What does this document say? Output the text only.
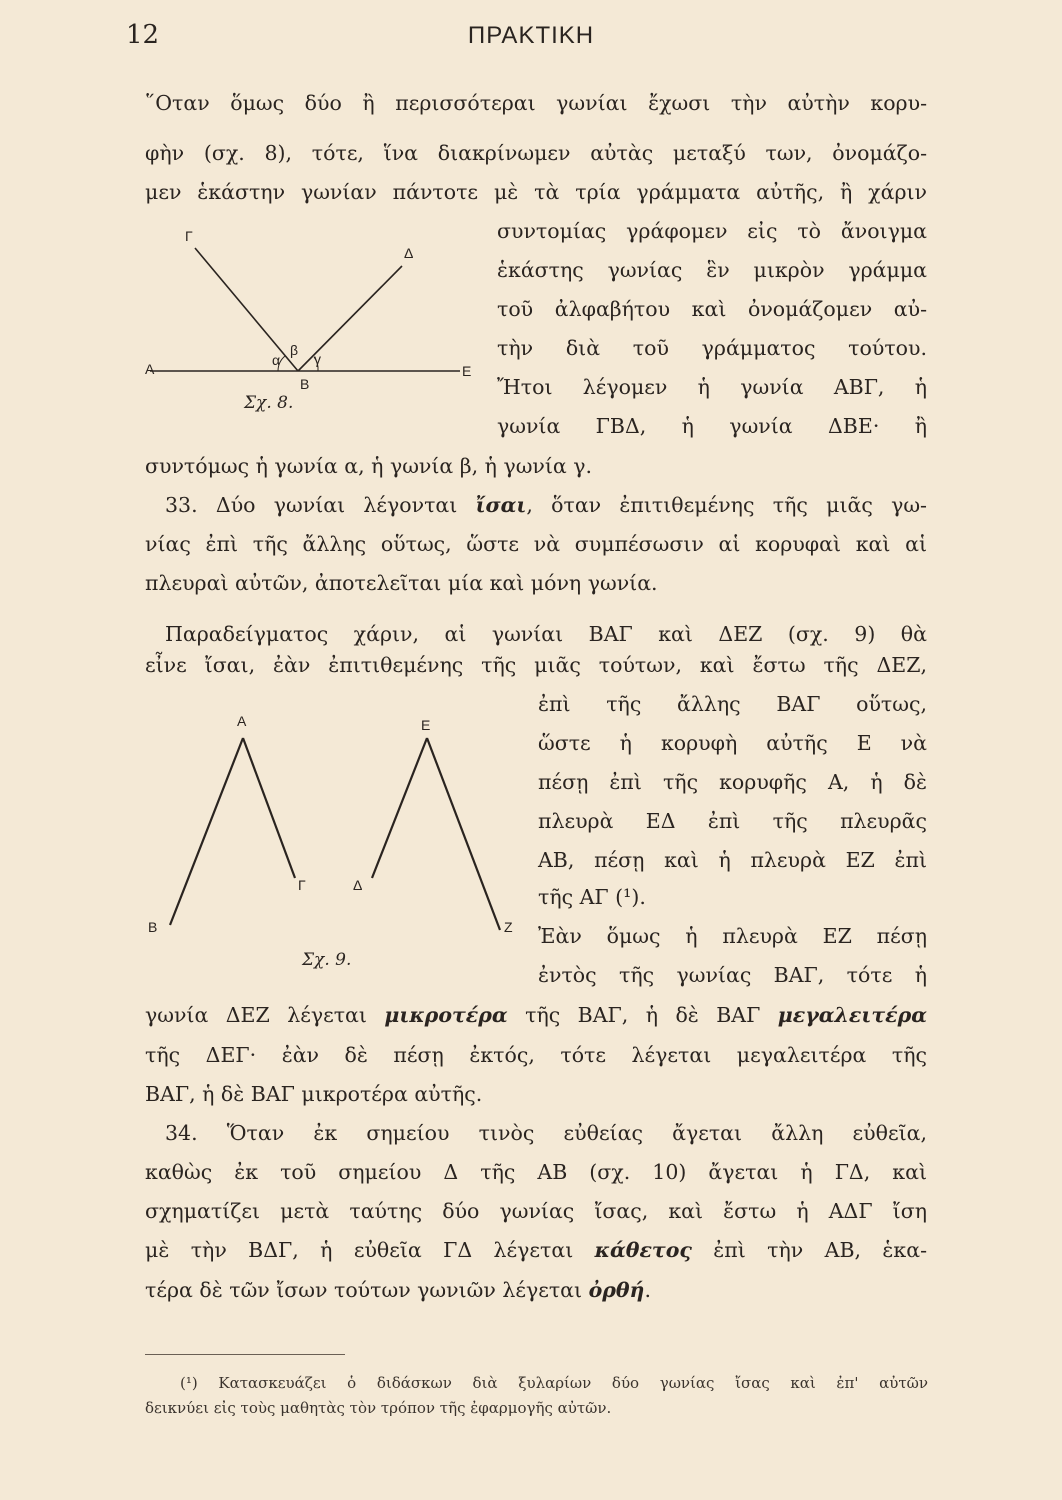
12	ΠΡΑΚΤΙΚΗ
῞Οταν ὅμως δύο ἢ περισσότεραι γωνίαι ἔχωσι τὴν αὐτὴν κορυ-
φὴν (σχ. 8), τότε, ἵνα διακρίνωμεν αὐτὰς μεταξύ των, ὀνομάζο-
μεν ἑκάστην γωνίαν πάντοτε μὲ τὰ τρία γράμματα αὐτῆς, ἢ χάριν
συντομίας γράφομεν εἰς τὸ ἄνοιγμα
ἑκάστης γωνίας ἓν μικρὸν γράμμα
τοῦ ἀλφαβήτου καὶ ὀνομάζομεν αὐ-
τὴν διὰ τοῦ γράμματος τούτου.
Ἤτοι λέγομεν ἡ γωνία ΑΒΓ, ἡ
γωνία ΓΒΔ, ἡ γωνία ΔΒΕ· ἢ
συντόμως ἡ γωνία α, ἡ γωνία β, ἡ γωνία γ.
Γ
Δ
Α	Ε
Β
α
β
γ
Σχ. 8.
33. Δύο γωνίαι λέγονται ἴσαι, ὅταν ἐπιτιθεμένης τῆς μιᾶς γω-
νίας ἐπὶ τῆς ἄλλης οὕτως, ὥστε νὰ συμπέσωσιν αἱ κορυφαὶ καὶ αἱ
πλευραὶ αὐτῶν, ἀποτελεῖται μία καὶ μόνη γωνία.
Παραδείγματος χάριν, αἱ γωνίαι ΒΑΓ καὶ ΔΕΖ (σχ. 9) θὰ
εἶνε ἴσαι, ἐὰν ἐπιτιθεμένης τῆς μιᾶς τούτων, καὶ ἔστω τῆς ΔΕΖ,
ἐπὶ τῆς ἄλλης ΒΑΓ οὕτως,
ὥστε ἡ κορυφὴ αὐτῆς Ε νὰ
πέσῃ ἐπὶ τῆς κορυφῆς Α, ἡ δὲ
πλευρὰ ΕΔ ἐπὶ τῆς πλευρᾶς
ΑΒ, πέσῃ καὶ ἡ πλευρὰ ΕΖ ἐπὶ
τῆς ΑΓ (¹).
Α	Ε
Β
Γ	Δ
Ζ
Σχ. 9.
Ἐὰν ὅμως ἡ πλευρὰ ΕΖ πέσῃ
ἐντὸς τῆς γωνίας ΒΑΓ, τότε ἡ
γωνία ΔΕΖ λέγεται μικροτέρα τῆς ΒΑΓ, ἡ δὲ ΒΑΓ μεγαλειτέρα
τῆς ΔΕΓ· ἐὰν δὲ πέσῃ ἐκτός, τότε λέγεται μεγαλειτέρα τῆς
ΒΑΓ, ἡ δὲ ΒΑΓ μικροτέρα αὐτῆς.
34. Ὅταν ἐκ σημείου τινὸς εὐθείας ἄγεται ἄλλη εὐθεῖα,
καθὼς ἐκ τοῦ σημείου Δ τῆς ΑΒ (σχ. 10) ἄγεται ἡ ΓΔ, καὶ
σχηματίζει μετὰ ταύτης δύο γωνίας ἴσας, καὶ ἔστω ἡ ΑΔΓ ἴση
μὲ τὴν ΒΔΓ, ἡ εὐθεῖα ΓΔ λέγεται κάθετος ἐπὶ τὴν ΑΒ, ἑκα-
τέρα δὲ τῶν ἴσων τούτων γωνιῶν λέγεται ὀρθή.
(¹) Κατασκευάζει ὁ διδάσκων διὰ ξυλαρίων δύο γωνίας ἴσας καὶ ἐπ' αὐτῶν
δεικνύει εἰς τοὺς μαθητὰς τὸν τρόπον τῆς ἐφαρμογῆς αὐτῶν.
